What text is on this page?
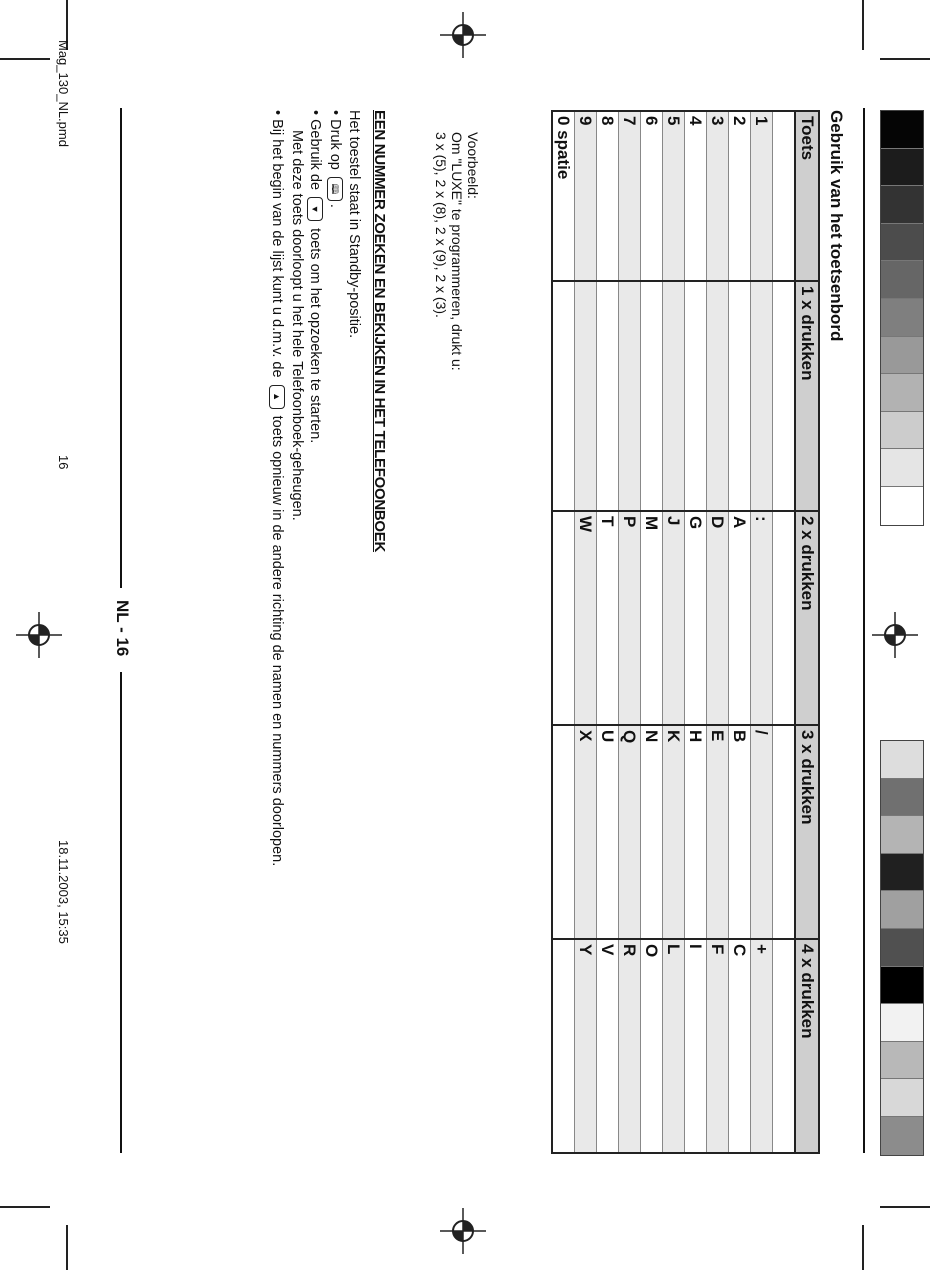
Gebruik van het toetsenbord
Toets	1 x drukken	2 x drukken	3 x drukken	4 x drukken

1		:	/	+
2		A	B	C
3		D	E	F
4		G	H	I
5		J	K	L
6		M	N	O
7		P	Q	R
8		T	U	V
9		W	X	Y
0 spatie				
Voorbeeld:
Om "LUXE" te programmeren, drukt u:
3 x (5), 2 x (8), 2 x (9), 2 x (3).
EEN NUMMER ZOEKEN EN BEKIJKEN IN HET TELEFOONBOEK
Het toestel staat in Standby-positie.
• Druk op 🕮.
• Gebruik de ▼ toets om het opzoeken te starten.
Met deze toets doorloopt u het hele Telefoonboek-geheugen.
• Bij het begin van de lijst kunt u d.m.v. de ▲ toets opnieuw in de andere richting de namen en nummers doorlopen.
NL - 16
Mag_130_NL.pmd
16
18.11.2003, 15:35
